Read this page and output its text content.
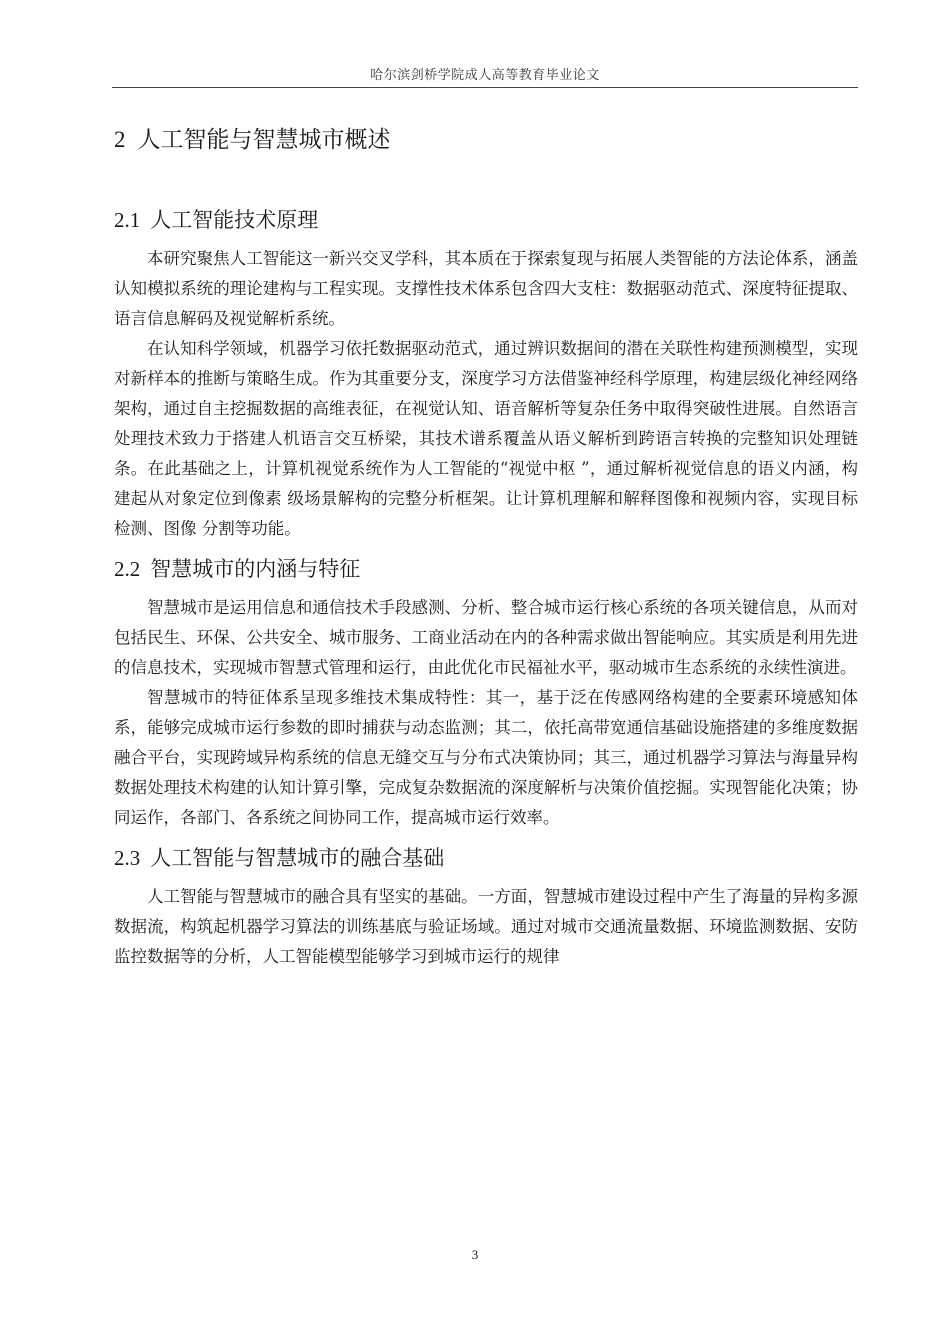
哈尔滨剑桥学院成人高等教育毕业论文
2 人工智能与智慧城市概述
2.1 人工智能技术原理

本研究聚焦人工智能这一新兴交叉学科，其本质在于探索复现与拓展人类智能的方法论体系，涵盖认知模拟系统的理论建构与工程实现。支撑性技术体系包含四大支柱：数据驱动范式、深度特征提取、语言信息解码及视觉解析系统。

在认知科学领域，机器学习依托数据驱动范式，通过辨识数据间的潜在关联性构建预测模型，实现对新样本的推断与策略生成。作为其重要分支，深度学习方法借鉴神经科学原理，构建层级化神经网络架构，通过自主挖掘数据的高维表征，在视觉认知、语音解析等复杂任务中取得突破性进展。自然语言处理技术致力于搭建人机语言交互桥梁，其技术谱系覆盖从语义解析到跨语言转换的完整知识处理链条。在此基础之上，计算机视觉系统作为人工智能的“视觉中枢 ”，通过解析视觉信息的语义内涵，构建起从对象定位到像素 级场景解构的完整分析框架。让计算机理解和解释图像和视频内容，实现目标检测、图像 分割等功能。

2.2 智慧城市的内涵与特征

智慧城市是运用信息和通信技术手段感测、分析、整合城市运行核心系统的各项关键信息，从而对包括民生、环保、公共安全、城市服务、工商业活动在内的各种需求做出智能响应。其实质是利用先进的信息技术，实现城市智慧式管理和运行，由此优化市民福祉水平，驱动城市生态系统的永续性演进。

智慧城市的特征体系呈现多维技术集成特性：其一，基于泛在传感网络构建的全要素环境感知体系，能够完成城市运行参数的即时捕获与动态监测；其二，依托高带宽通信基础设施搭建的多维度数据融合平台，实现跨域异构系统的信息无缝交互与分布式决策协同；其三，通过机器学习算法与海量异构数据处理技术构建的认知计算引擎，完成复杂数据流的深度解析与决策价值挖掘。实现智能化决策；协同运作，各部门、各系统之间协同工作，提高城市运行效率。

2.3 人工智能与智慧城市的融合基础

人工智能与智慧城市的融合具有坚实的基础。一方面，智慧城市建设过程中产生了海量的异构多源数据流，构筑起机器学习算法的训练基底与验证场域。通过对城市交通流量数据、环境监测数据、安防监控数据等的分析，人工智能模型能够学习到城市运行的规律

3
